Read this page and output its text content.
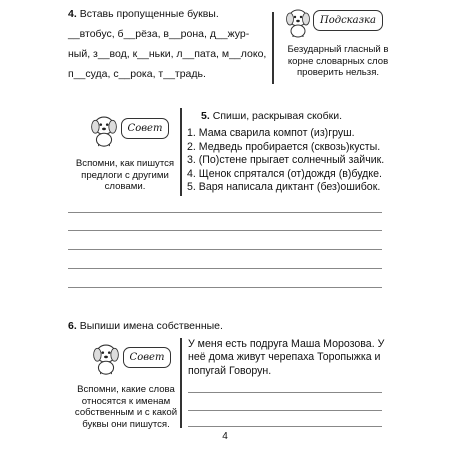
4. Вставь пропущенные буквы.
__втобус, б__рёза, в__рона, д__жур-
ный, з__вод, к__ньки, л__пата, м__локо,
п__суда, с__рока, т__традь.
Подсказка
Безударный гласный в корне словарных слов проверить нельзя.
Совет
Вспомни, как пишутся предлоги с другими словами.
5. Спиши, раскрывая скобки.
1. Мама сварила компот (из)груш.
2. Медведь пробирается (сквозь)кусты.
3. (По)стене прыгает солнечный зайчик.
4. Щенок спрятался (от)дождя (в)будке.
5. Варя написала диктант (без)ошибок.
6. Выпиши имена собственные.
Совет
Вспомни, какие слова относятся к именам собственным и с какой буквы они пишутся.
У меня есть подруга Маша Морозова. У неё дома живут черепаха Торопыжка и попугай Говорун.
4
